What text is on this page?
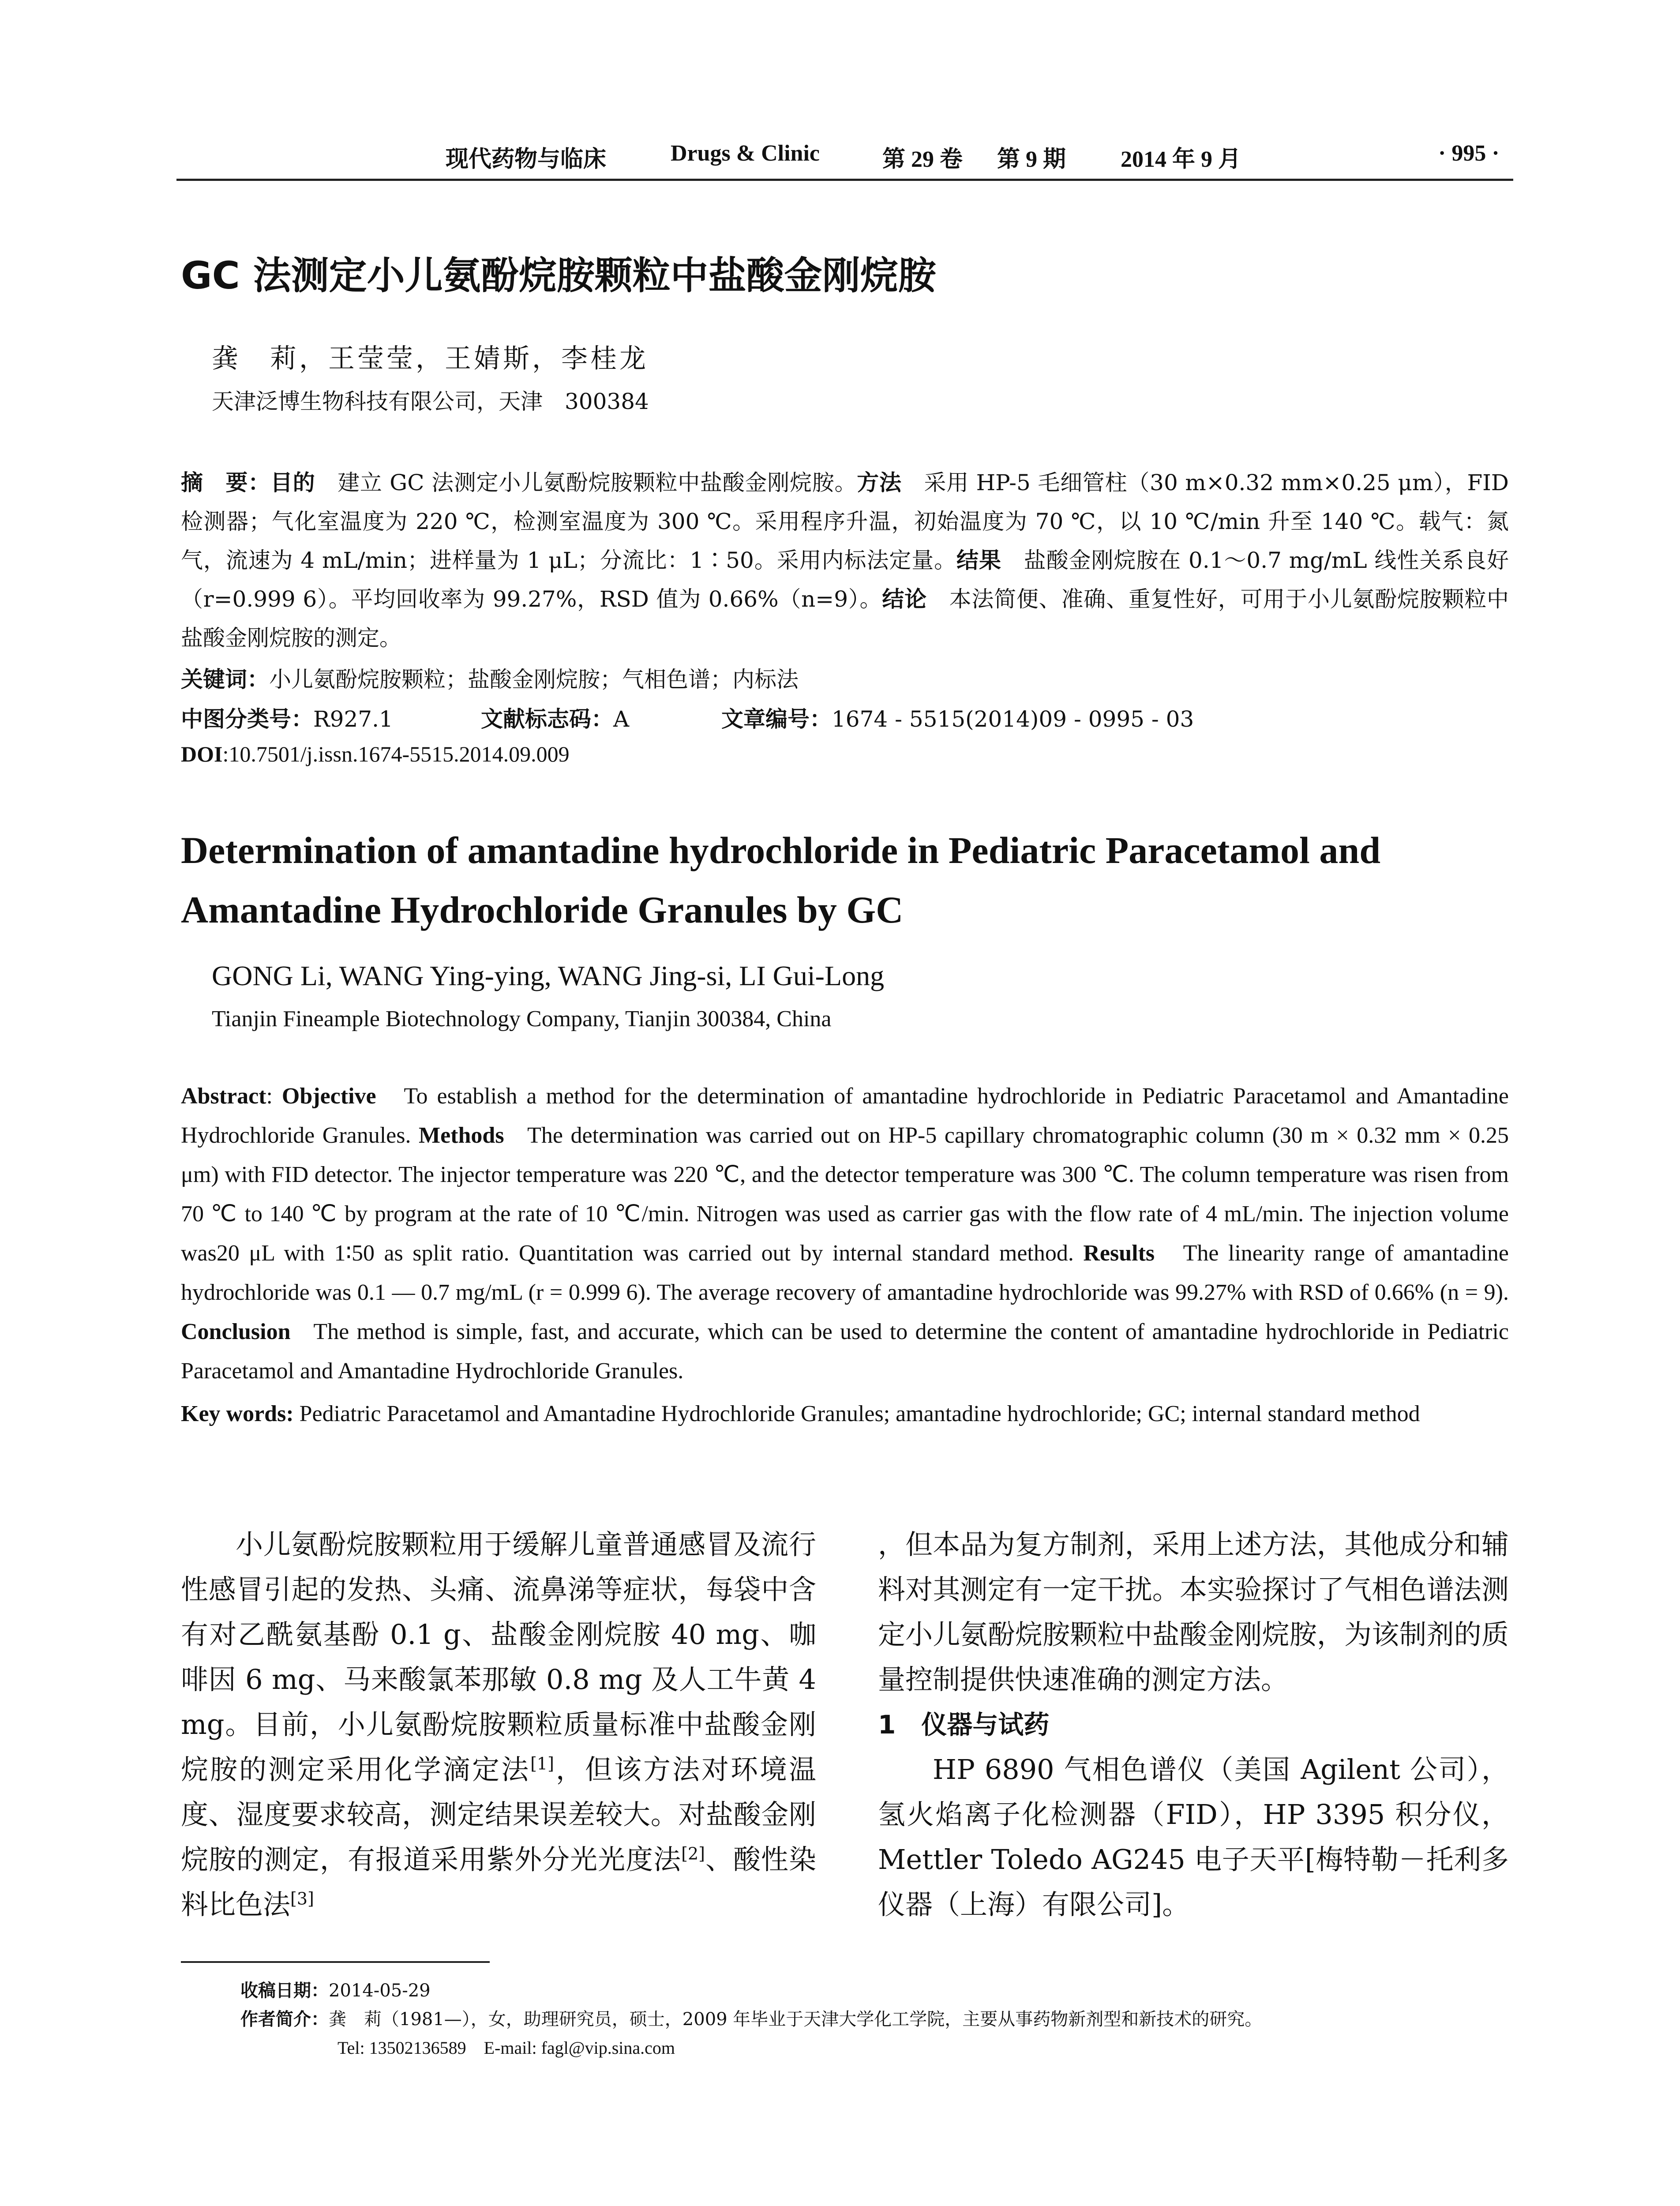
现代药物与临床	Drugs & Clinic	第 29 卷 第 9 期 2014 年 9 月	· 995 ·
GC 法测定小儿氨酚烷胺颗粒中盐酸金刚烷胺
龚　莉，王莹莹，王婧斯，李桂龙
天津泛博生物科技有限公司，天津　300384
摘　要：目的　建立 GC 法测定小儿氨酚烷胺颗粒中盐酸金刚烷胺。方法　采用 HP-5 毛细管柱（30 m×0.32 mm×0.25 μm），FID 检测器；气化室温度为 220 ℃，检测室温度为 300 ℃。采用程序升温，初始温度为 70 ℃，以 10 ℃/min 升至 140 ℃。载气：氮气，流速为 4 mL/min；进样量为 1 μL；分流比：1∶50。采用内标法定量。结果　盐酸金刚烷胺在 0.1～0.7 mg/mL 线性关系良好（r=0.999 6）。平均回收率为 99.27%，RSD 值为 0.66%（n=9）。结论　本法简便、准确、重复性好，可用于小儿氨酚烷胺颗粒中盐酸金刚烷胺的测定。
关键词：小儿氨酚烷胺颗粒；盐酸金刚烷胺；气相色谱；内标法
中图分类号：R927.1	文献标志码：A	文章编号：1674 - 5515(2014)09 - 0995 - 03
DOI:10.7501/j.issn.1674-5515.2014.09.009
Determination of amantadine hydrochloride in Pediatric Paracetamol and Amantadine Hydrochloride Granules by GC
GONG Li, WANG Ying-ying, WANG Jing-si, LI Gui-Long
Tianjin Fineample Biotechnology Company, Tianjin 300384, China
Abstract: Objective To establish a method for the determination of amantadine hydrochloride in Pediatric Paracetamol and Amantadine Hydrochloride Granules. Methods The determination was carried out on HP-5 capillary chromatographic column (30 m × 0.32 mm × 0.25 μm) with FID detector. The injector temperature was 220 ℃, and the detector temperature was 300 ℃. The column temperature was risen from 70 ℃ to 140 ℃ by program at the rate of 10 ℃/min. Nitrogen was used as carrier gas with the flow rate of 4 mL/min. The injection volume was20 μL with 1∶50 as split ratio. Quantitation was carried out by internal standard method. Results The linearity range of amantadine hydrochloride was 0.1 — 0.7 mg/mL (r = 0.999 6). The average recovery of amantadine hydrochloride was 99.27% with RSD of 0.66% (n = 9). Conclusion The method is simple, fast, and accurate, which can be used to determine the content of amantadine hydrochloride in Pediatric Paracetamol and Amantadine Hydrochloride Granules.
Key words: Pediatric Paracetamol and Amantadine Hydrochloride Granules; amantadine hydrochloride; GC; internal standard method

小儿氨酚烷胺颗粒用于缓解儿童普通感冒及流行性感冒引起的发热、头痛、流鼻涕等症状，每袋中含有对乙酰氨基酚 0.1 g、盐酸金刚烷胺 40 mg、咖啡因 6 mg、马来酸氯苯那敏 0.8 mg 及人工牛黄 4 mg。目前，小儿氨酚烷胺颗粒质量标准中盐酸金刚烷胺的测定采用化学滴定法[1]，但该方法对环境温度、湿度要求较高，测定结果误差较大。对盐酸金刚烷胺的测定，有报道采用紫外分光光度法[2]、酸性染料比色法[3]

，但本品为复方制剂，采用上述方法，其他成分和辅料对其测定有一定干扰。本实验探讨了气相色谱法测定小儿氨酚烷胺颗粒中盐酸金刚烷胺，为该制剂的质量控制提供快速准确的测定方法。

1　仪器与试药

HP 6890 气相色谱仪（美国 Agilent 公司），氢火焰离子化检测器（FID），HP 3395 积分仪，Mettler Toledo AG245 电子天平[梅特勒－托利多仪器（上海）有限公司]。

收稿日期：2014-05-29
作者简介：龚　莉（1981—），女，助理研究员，硕士，2009 年毕业于天津大学化工学院，主要从事药物新剂型和新技术的研究。
Tel: 13502136589　E-mail: fagl@vip.sina.com
